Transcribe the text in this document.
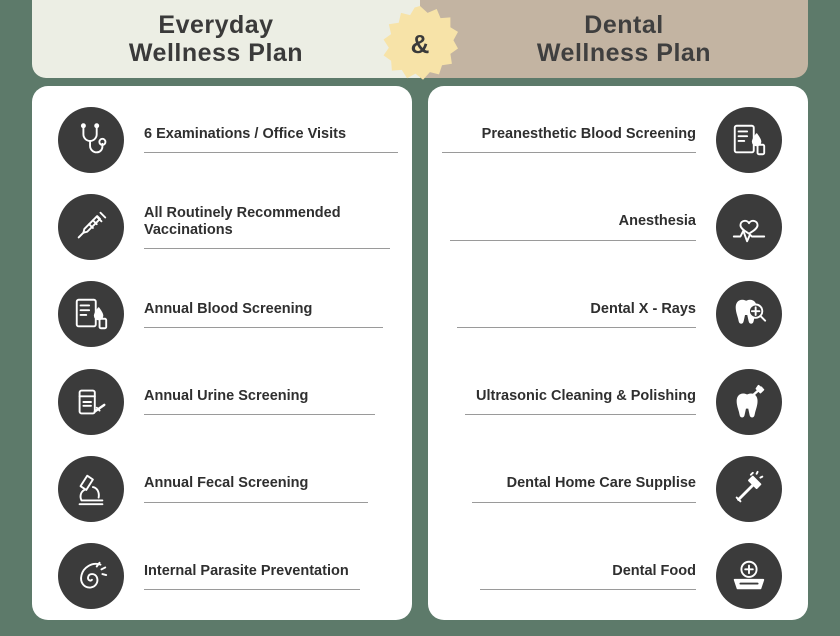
Everyday
Wellness Plan
Dental
Wellness Plan
&
6 Examinations / Office Visits
All Routinely Recommended Vaccinations
Annual Blood Screening
Annual Urine Screening
Annual Fecal Screening
Internal Parasite Preventation
Preanesthetic Blood Screening
Anesthesia
Dental X - Rays
Ultrasonic Cleaning & Polishing
Dental Home Care Supplise
Dental Food
